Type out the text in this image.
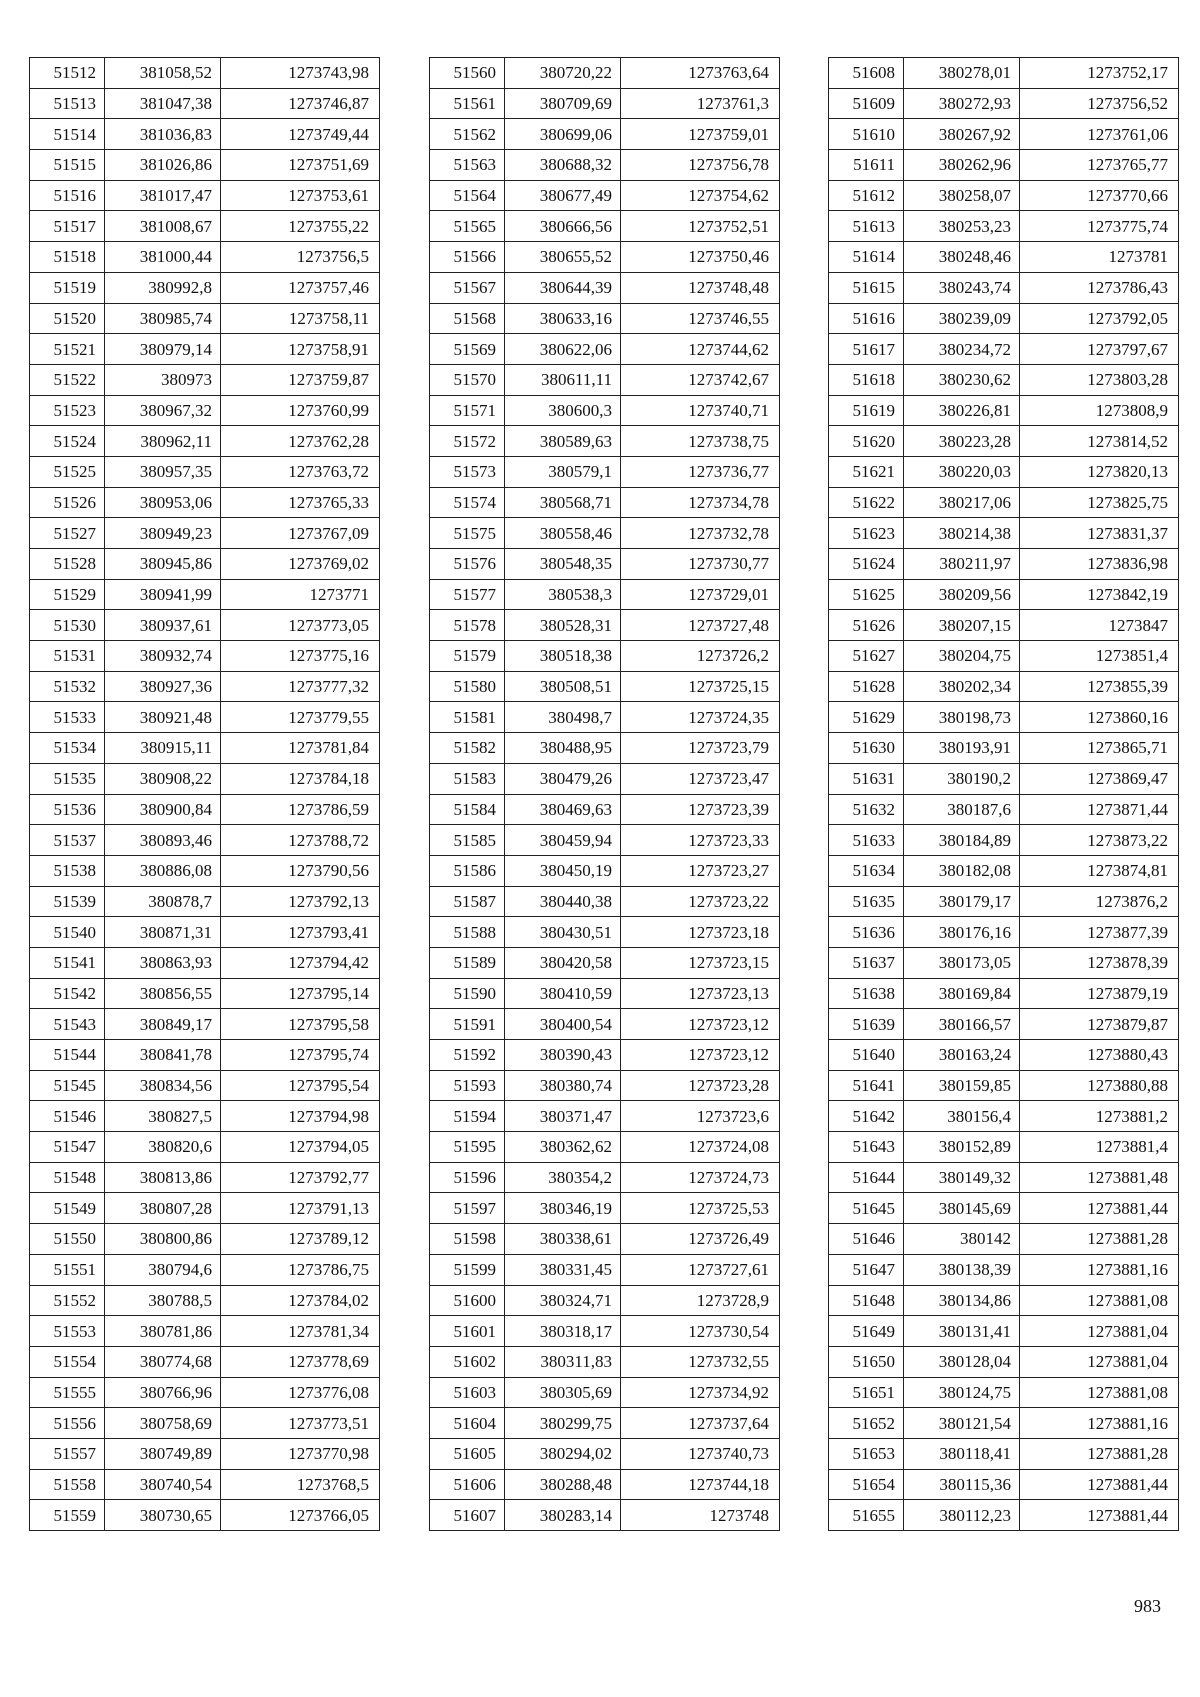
51512	381058,52	1273743,98
51513	381047,38	1273746,87
51514	381036,83	1273749,44
51515	381026,86	1273751,69
51516	381017,47	1273753,61
51517	381008,67	1273755,22
51518	381000,44	1273756,5
51519	380992,8	1273757,46
51520	380985,74	1273758,11
51521	380979,14	1273758,91
51522	380973	1273759,87
51523	380967,32	1273760,99
51524	380962,11	1273762,28
51525	380957,35	1273763,72
51526	380953,06	1273765,33
51527	380949,23	1273767,09
51528	380945,86	1273769,02
51529	380941,99	1273771
51530	380937,61	1273773,05
51531	380932,74	1273775,16
51532	380927,36	1273777,32
51533	380921,48	1273779,55
51534	380915,11	1273781,84
51535	380908,22	1273784,18
51536	380900,84	1273786,59
51537	380893,46	1273788,72
51538	380886,08	1273790,56
51539	380878,7	1273792,13
51540	380871,31	1273793,41
51541	380863,93	1273794,42
51542	380856,55	1273795,14
51543	380849,17	1273795,58
51544	380841,78	1273795,74
51545	380834,56	1273795,54
51546	380827,5	1273794,98
51547	380820,6	1273794,05
51548	380813,86	1273792,77
51549	380807,28	1273791,13
51550	380800,86	1273789,12
51551	380794,6	1273786,75
51552	380788,5	1273784,02
51553	380781,86	1273781,34
51554	380774,68	1273778,69
51555	380766,96	1273776,08
51556	380758,69	1273773,51
51557	380749,89	1273770,98
51558	380740,54	1273768,5
51559	380730,65	1273766,05
51560	380720,22	1273763,64
51561	380709,69	1273761,3
51562	380699,06	1273759,01
51563	380688,32	1273756,78
51564	380677,49	1273754,62
51565	380666,56	1273752,51
51566	380655,52	1273750,46
51567	380644,39	1273748,48
51568	380633,16	1273746,55
51569	380622,06	1273744,62
51570	380611,11	1273742,67
51571	380600,3	1273740,71
51572	380589,63	1273738,75
51573	380579,1	1273736,77
51574	380568,71	1273734,78
51575	380558,46	1273732,78
51576	380548,35	1273730,77
51577	380538,3	1273729,01
51578	380528,31	1273727,48
51579	380518,38	1273726,2
51580	380508,51	1273725,15
51581	380498,7	1273724,35
51582	380488,95	1273723,79
51583	380479,26	1273723,47
51584	380469,63	1273723,39
51585	380459,94	1273723,33
51586	380450,19	1273723,27
51587	380440,38	1273723,22
51588	380430,51	1273723,18
51589	380420,58	1273723,15
51590	380410,59	1273723,13
51591	380400,54	1273723,12
51592	380390,43	1273723,12
51593	380380,74	1273723,28
51594	380371,47	1273723,6
51595	380362,62	1273724,08
51596	380354,2	1273724,73
51597	380346,19	1273725,53
51598	380338,61	1273726,49
51599	380331,45	1273727,61
51600	380324,71	1273728,9
51601	380318,17	1273730,54
51602	380311,83	1273732,55
51603	380305,69	1273734,92
51604	380299,75	1273737,64
51605	380294,02	1273740,73
51606	380288,48	1273744,18
51607	380283,14	1273748
51608	380278,01	1273752,17
51609	380272,93	1273756,52
51610	380267,92	1273761,06
51611	380262,96	1273765,77
51612	380258,07	1273770,66
51613	380253,23	1273775,74
51614	380248,46	1273781
51615	380243,74	1273786,43
51616	380239,09	1273792,05
51617	380234,72	1273797,67
51618	380230,62	1273803,28
51619	380226,81	1273808,9
51620	380223,28	1273814,52
51621	380220,03	1273820,13
51622	380217,06	1273825,75
51623	380214,38	1273831,37
51624	380211,97	1273836,98
51625	380209,56	1273842,19
51626	380207,15	1273847
51627	380204,75	1273851,4
51628	380202,34	1273855,39
51629	380198,73	1273860,16
51630	380193,91	1273865,71
51631	380190,2	1273869,47
51632	380187,6	1273871,44
51633	380184,89	1273873,22
51634	380182,08	1273874,81
51635	380179,17	1273876,2
51636	380176,16	1273877,39
51637	380173,05	1273878,39
51638	380169,84	1273879,19
51639	380166,57	1273879,87
51640	380163,24	1273880,43
51641	380159,85	1273880,88
51642	380156,4	1273881,2
51643	380152,89	1273881,4
51644	380149,32	1273881,48
51645	380145,69	1273881,44
51646	380142	1273881,28
51647	380138,39	1273881,16
51648	380134,86	1273881,08
51649	380131,41	1273881,04
51650	380128,04	1273881,04
51651	380124,75	1273881,08
51652	380121,54	1273881,16
51653	380118,41	1273881,28
51654	380115,36	1273881,44
51655	380112,23	1273881,44
983
